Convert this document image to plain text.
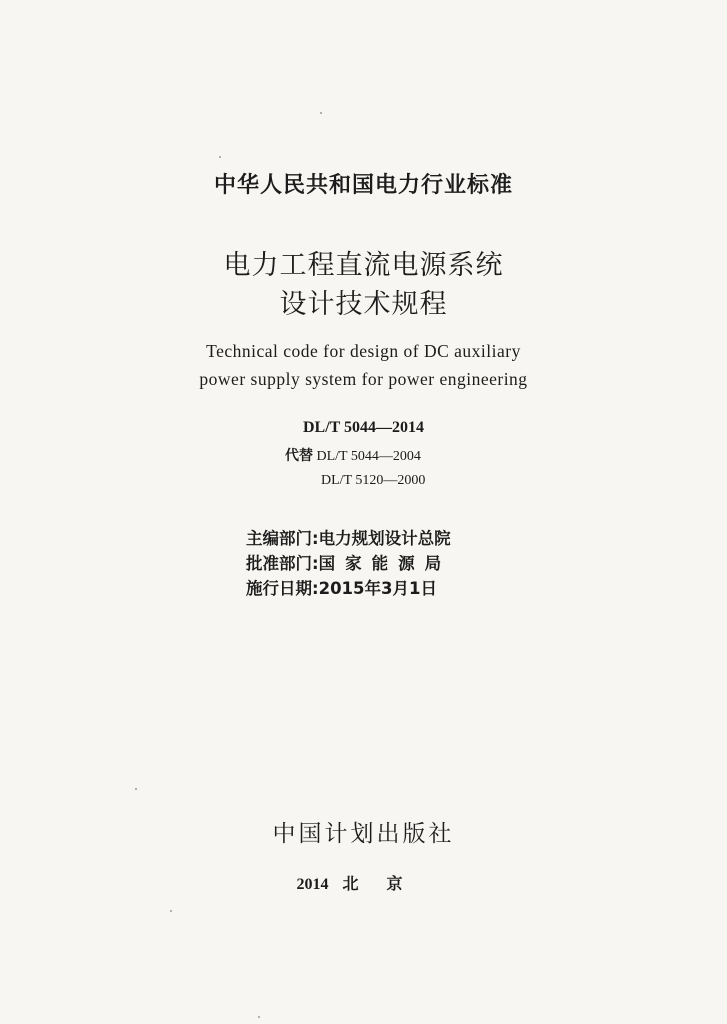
中华人民共和国电力行业标准
电力工程直流电源系统
设计技术规程
Technical code for design of DC auxiliary
power supply system for power engineering
DL/T 5044—2014
代替 DL/T 5044—2004
DL/T 5120—2000
主编部门:电力规划设计总院
批准部门:国家能源局
施行日期:2015年3月1日
中国计划出版社
2014 北京
